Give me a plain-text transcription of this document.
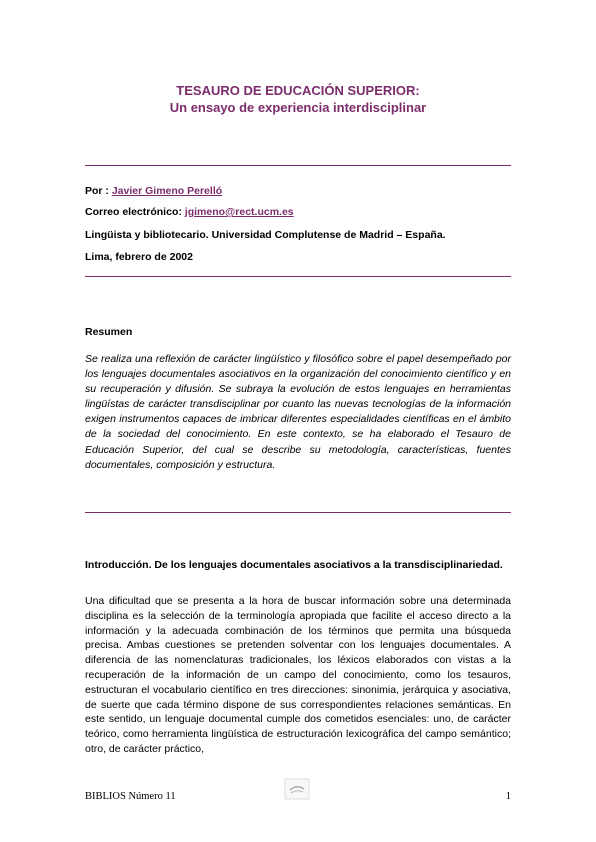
TESAURO DE EDUCACIÓN SUPERIOR:
Un ensayo de experiencia interdisciplinar
Por : Javier Gimeno Perelló
Correo electrónico: jgimeno@rect.ucm.es
Lingüista y bibliotecario. Universidad Complutense de Madrid – España.
Lima, febrero de 2002
Resumen

Se realiza una reflexión de carácter lingüístico y filosófico sobre el papel desempeñado por los lenguajes documentales asociativos en la organización del conocimiento científico y en su recuperación y difusión. Se subraya la evolución de estos lenguajes en herramientas lingüístas de carácter transdisciplinar por cuanto las nuevas tecnologías de la información exigen instrumentos capaces de imbricar diferentes especialidades científicas en el ámbito de la sociedad del conocimiento. En este contexto, se ha elaborado el Tesauro de Educación Superior, del cual se describe su metodología, características, fuentes documentales, composición y estructura.

Introducción. De los lenguajes documentales asociativos a la transdisciplinariedad.

Una dificultad que se presenta a la hora de buscar información sobre una determinada disciplina es la selección de la terminología apropiada que facilite el acceso directo a la información y la adecuada combinación de los términos que permita una búsqueda precisa. Ambas cuestiones se pretenden solventar con los lenguajes documentales. A diferencia de las nomenclaturas tradicionales, los léxicos elaborados con vistas a la recuperación de la información de un campo del conocimiento, como los tesauros, estructuran el vocabulario científico en tres direcciones: sinonimia, jerárquica y asociativa, de suerte que cada término dispone de sus correspondientes relaciones semánticas. En este sentido, un lenguaje documental cumple dos cometidos esenciales: uno, de carácter teórico, como herramienta lingüística de estructuración lexicográfica del campo semántico; otro, de carácter práctico,

BIBLIOS Número 11	1
